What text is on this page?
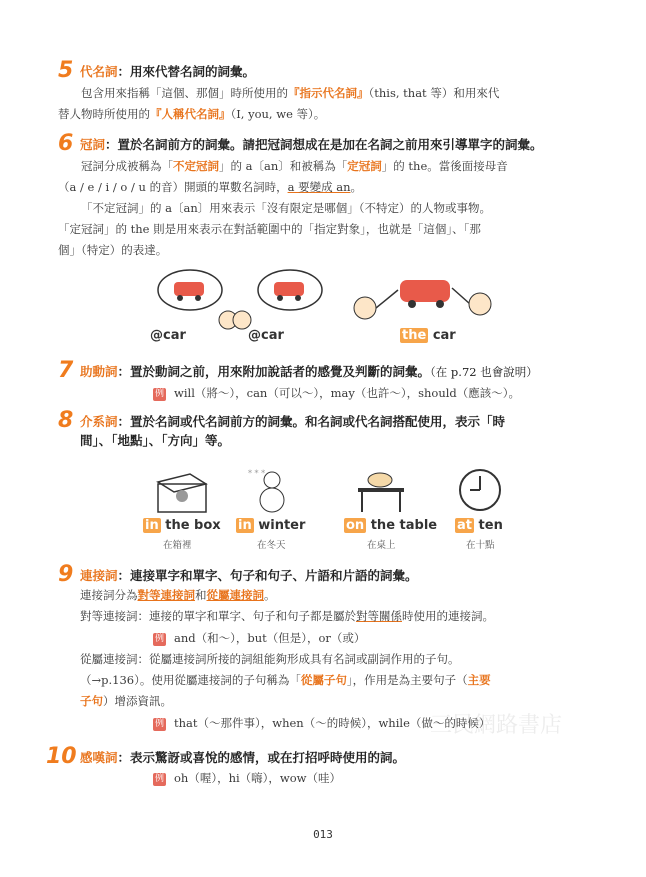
5 代名詞：用來代替名詞的詞彙。
包含用來指稱「這個、那個」時所使用的『指示代名詞』（this, that 等）和用來代
替人物時所使用的『人稱代名詞』（I, you, we 等）。
6 冠詞：置於名詞前方的詞彙。請把冠詞想成在是加在名詞之前用來引導單字的詞彙。
冠詞分成被稱為「不定冠詞」的 a〔an〕和被稱為「定冠詞」的 the。當後面接母音
（a / e / i / o / u 的音）開頭的單數名詞時，a 要變成 an。
「不定冠詞」的 a〔an〕用來表示「沒有限定是哪個」（不特定）的人物或事物。
「定冠詞」的 the 則是用來表示在對話範圍中的「指定對象」，也就是「這個」、「那
個」（特定）的表達。
@car	@car	the car
7 助動詞：置於動詞之前，用來附加說話者的感覺及判斷的詞彙。（在 p.72 也會說明）
例 will（將～），can（可以～），may（也許～），should（應該～）。
8 介系詞：置於名詞或代名詞前方的詞彙。和名詞或代名詞搭配使用，表示「時
間」、「地點」、「方向」等。
* * *
in the box in winter	on the table at ten
在箱裡	在冬天	在桌上	在十點
9 連接詞：連接單字和單字、句子和句子、片語和片語的詞彙。
連接詞分為對等連接詞和從屬連接詞。
對等連接詞：連接的單字和單字、句子和句子都是屬於對等關係時使用的連接詞。
例 and（和～），but（但是），or（或）
從屬連接詞：從屬連接詞所接的詞組能夠形成具有名詞或副詞作用的子句。
（→p.136）。使用從屬連接詞的子句稱為「從屬子句」，作用是為主要句子（主要
子句）增添資訊。
例 that（～那件事），when（～的時候），while（做～的時候）
10 感嘆詞：表示驚訝或喜悅的感情，或在打招呼時使用的詞。
例 oh（喔），hi（嗨），wow（哇）
三民網路書店
013
